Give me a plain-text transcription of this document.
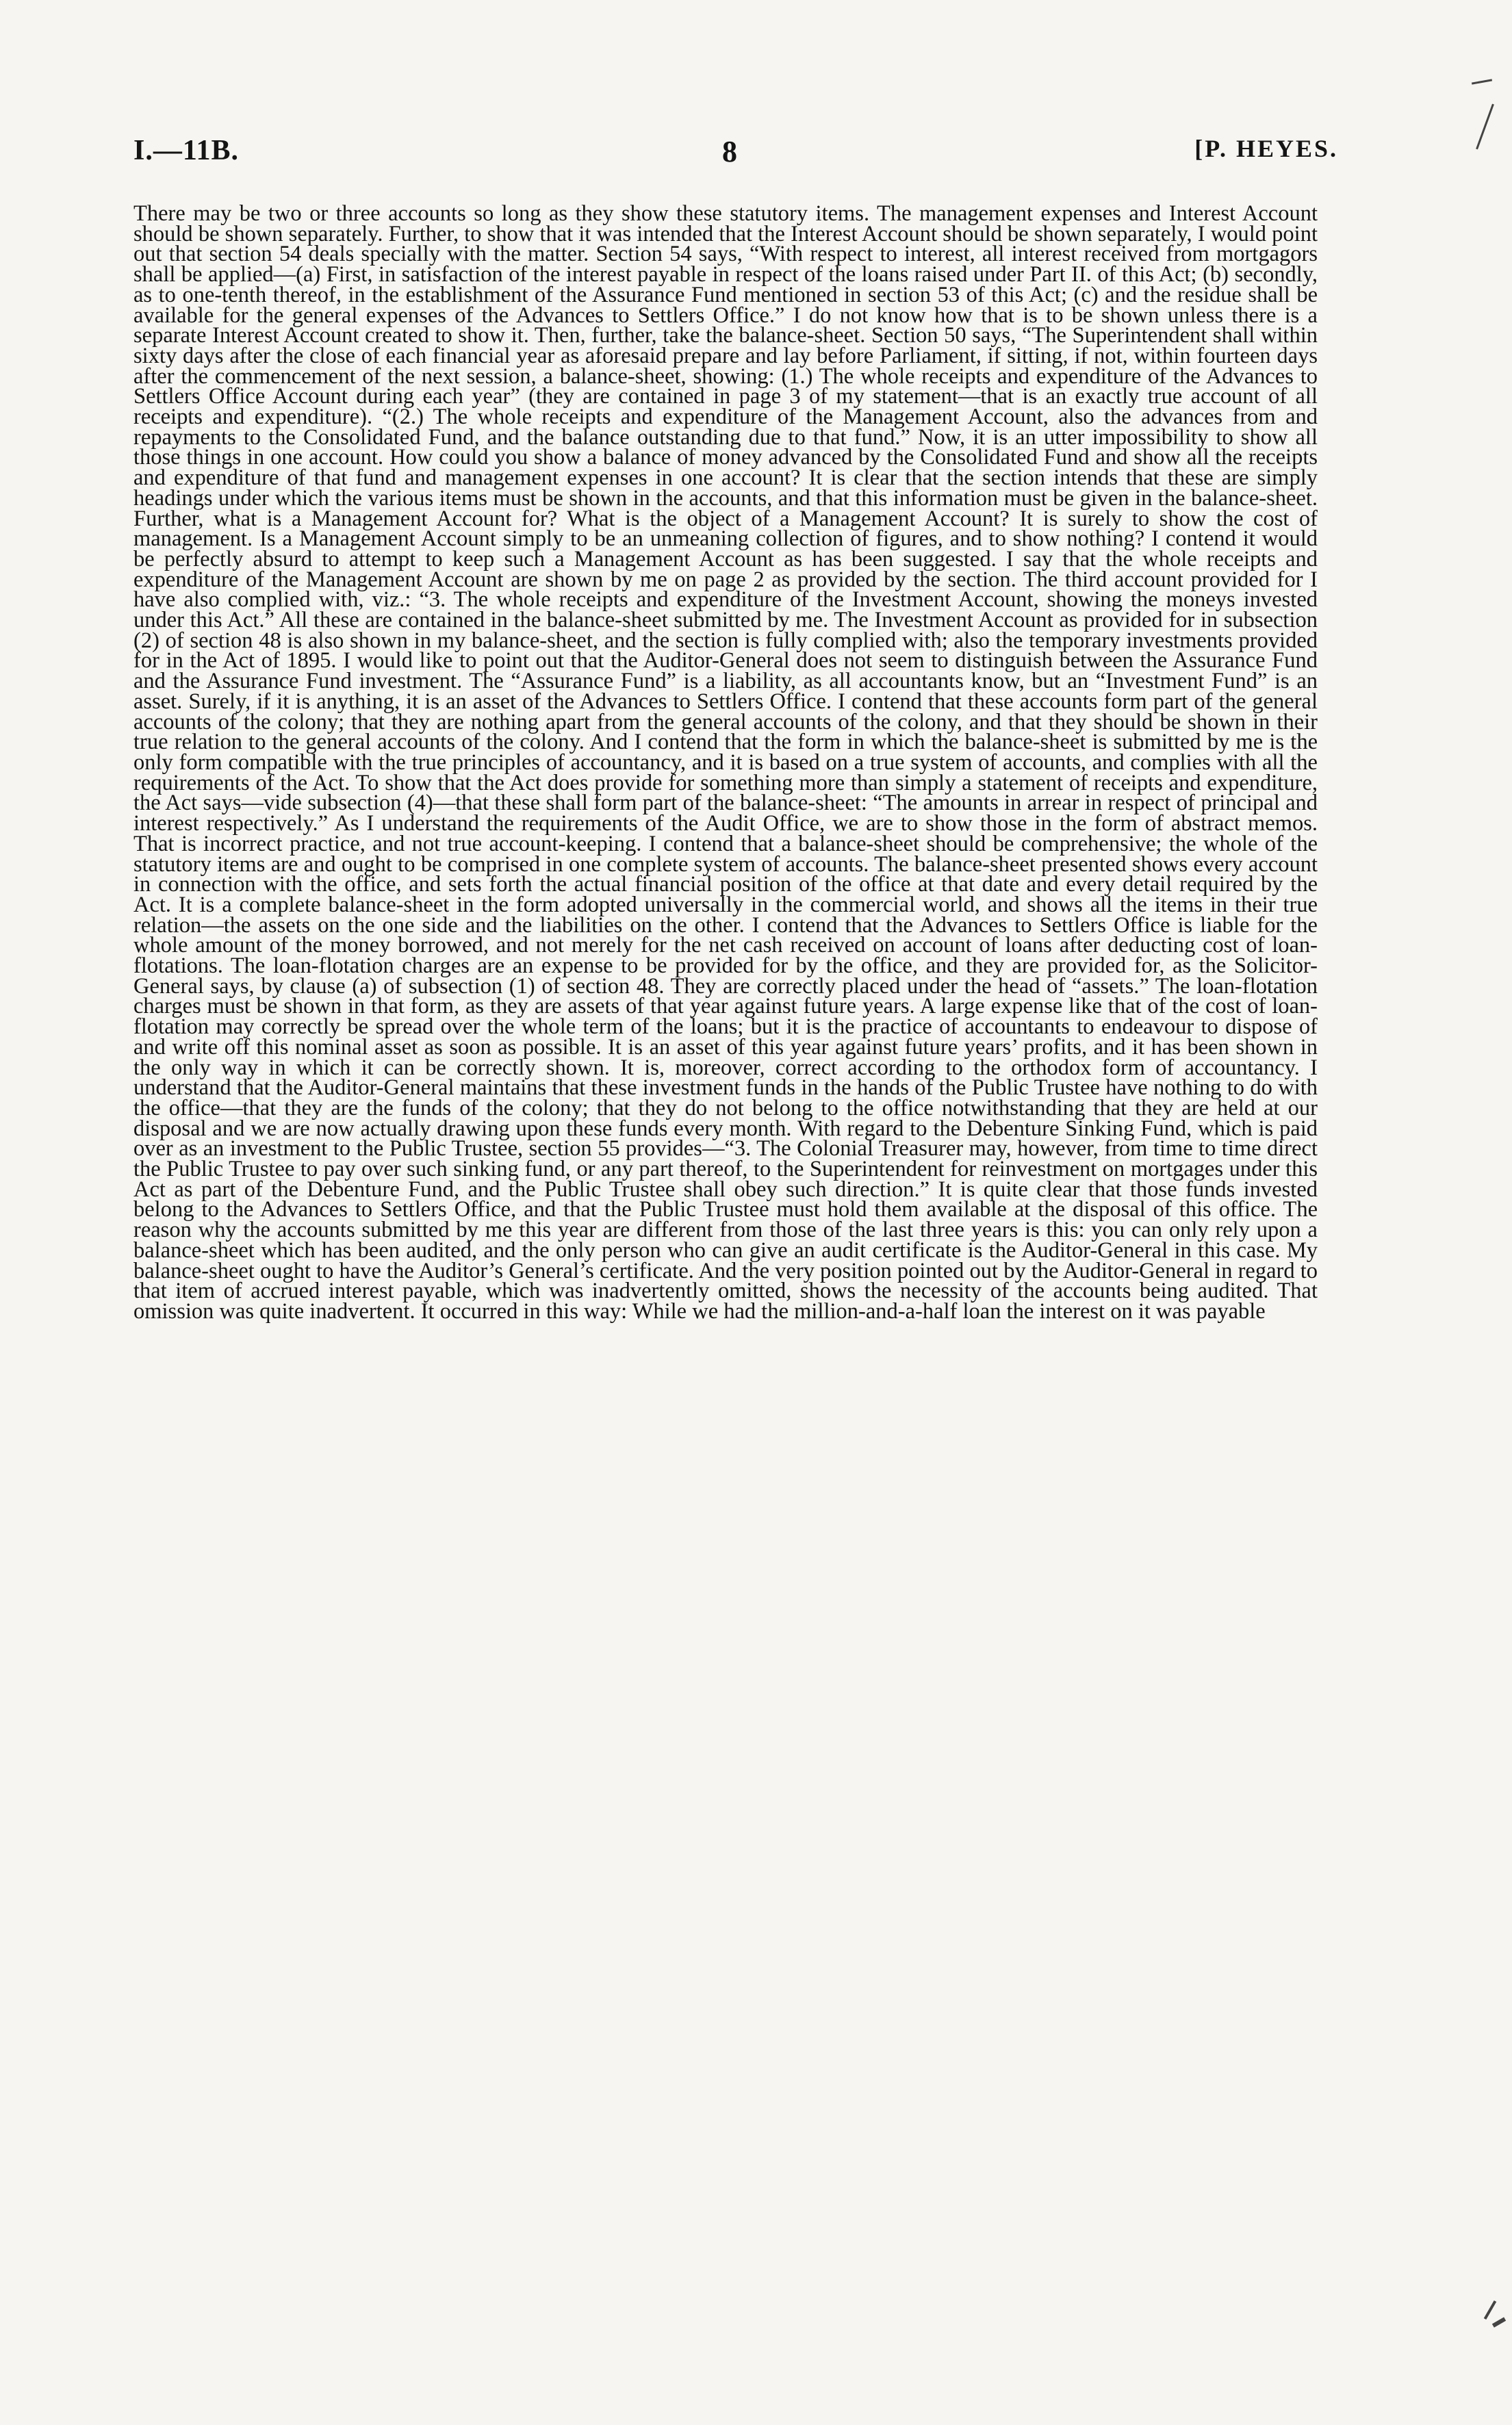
I.—11B.	8	[P. HEYES.

There may be two or three accounts so long as they show these statutory items. The management expenses and Interest Account should be shown separately. Further, to show that it was intended that the Interest Account should be shown separately, I would point out that section 54 deals specially with the matter. Section 54 says, “With respect to interest, all interest received from mortgagors shall be applied—(a) First, in satisfaction of the interest payable in respect of the loans raised under Part II. of this Act; (b) secondly, as to one-tenth thereof, in the establishment of the Assurance Fund mentioned in section 53 of this Act; (c) and the residue shall be available for the general expenses of the Advances to Settlers Office.” I do not know how that is to be shown unless there is a separate Interest Account created to show it. Then, further, take the balance-sheet. Section 50 says, “The Superintendent shall within sixty days after the close of each financial year as aforesaid prepare and lay before Parliament, if sitting, if not, within fourteen days after the commencement of the next session, a balance-sheet, showing: (1.) The whole receipts and expenditure of the Advances to Settlers Office Account during each year” (they are contained in page 3 of my statement—that is an exactly true account of all receipts and expenditure). “(2.) The whole receipts and expenditure of the Management Account, also the advances from and repayments to the Consolidated Fund, and the balance outstanding due to that fund.” Now, it is an utter impossibility to show all those things in one account. How could you show a balance of money advanced by the Consolidated Fund and show all the receipts and expenditure of that fund and management expenses in one account? It is clear that the section intends that these are simply headings under which the various items must be shown in the accounts, and that this information must be given in the balance-sheet. Further, what is a Management Account for? What is the object of a Management Account? It is surely to show the cost of management. Is a Management Account simply to be an unmeaning collection of figures, and to show nothing? I contend it would be perfectly absurd to attempt to keep such a Management Account as has been suggested. I say that the whole receipts and expenditure of the Management Account are shown by me on page 2 as provided by the section. The third account provided for I have also complied with, viz.: “3. The whole receipts and expenditure of the Investment Account, showing the moneys invested under this Act.” All these are contained in the balance-sheet submitted by me. The Investment Account as provided for in subsection (2) of section 48 is also shown in my balance-sheet, and the section is fully complied with; also the temporary investments provided for in the Act of 1895. I would like to point out that the Auditor-General does not seem to distinguish between the Assurance Fund and the Assurance Fund investment. The “Assurance Fund” is a liability, as all accountants know, but an “Investment Fund” is an asset. Surely, if it is anything, it is an asset of the Advances to Settlers Office. I contend that these accounts form part of the general accounts of the colony; that they are nothing apart from the general accounts of the colony, and that they should be shown in their true relation to the general accounts of the colony. And I contend that the form in which the balance-sheet is submitted by me is the only form compatible with the true principles of accountancy, and it is based on a true system of accounts, and complies with all the requirements of the Act. To show that the Act does provide for something more than simply a statement of receipts and expenditure, the Act says—vide subsection (4)—that these shall form part of the balance-sheet: “The amounts in arrear in respect of principal and interest respectively.” As I understand the requirements of the Audit Office, we are to show those in the form of abstract memos. That is incorrect practice, and not true account-keeping. I contend that a balance-sheet should be comprehensive; the whole of the statutory items are and ought to be comprised in one complete system of accounts. The balance-sheet presented shows every account in connection with the office, and sets forth the actual financial position of the office at that date and every detail required by the Act. It is a complete balance-sheet in the form adopted universally in the commercial world, and shows all the items in their true relation—the assets on the one side and the liabilities on the other. I contend that the Advances to Settlers Office is liable for the whole amount of the money borrowed, and not merely for the net cash received on account of loans after deducting cost of loan-flotations. The loan-flotation charges are an expense to be provided for by the office, and they are provided for, as the Solicitor-General says, by clause (a) of subsection (1) of section 48. They are correctly placed under the head of “assets.” The loan-flotation charges must be shown in that form, as they are assets of that year against future years. A large expense like that of the cost of loan-flotation may correctly be spread over the whole term of the loans; but it is the practice of accountants to endeavour to dispose of and write off this nominal asset as soon as possible. It is an asset of this year against future years’ profits, and it has been shown in the only way in which it can be correctly shown. It is, moreover, correct according to the orthodox form of accountancy. I understand that the Auditor-General maintains that these investment funds in the hands of the Public Trustee have nothing to do with the office—that they are the funds of the colony; that they do not belong to the office notwithstanding that they are held at our disposal and we are now actually drawing upon these funds every month. With regard to the Debenture Sinking Fund, which is paid over as an investment to the Public Trustee, section 55 provides—“3. The Colonial Treasurer may, however, from time to time direct the Public Trustee to pay over such sinking fund, or any part thereof, to the Superintendent for reinvestment on mortgages under this Act as part of the Debenture Fund, and the Public Trustee shall obey such direction.” It is quite clear that those funds invested belong to the Advances to Settlers Office, and that the Public Trustee must hold them available at the disposal of this office. The reason why the accounts submitted by me this year are different from those of the last three years is this: you can only rely upon a balance-sheet which has been audited, and the only person who can give an audit certificate is the Auditor-General in this case. My balance-sheet ought to have the Auditor’s General’s certificate. And the very position pointed out by the Auditor-General in regard to that item of accrued interest payable, which was inadvertently omitted, shows the necessity of the accounts being audited. That omission was quite inadvertent. It occurred in this way: While we had the million-and-a-half loan the interest on it was payable
